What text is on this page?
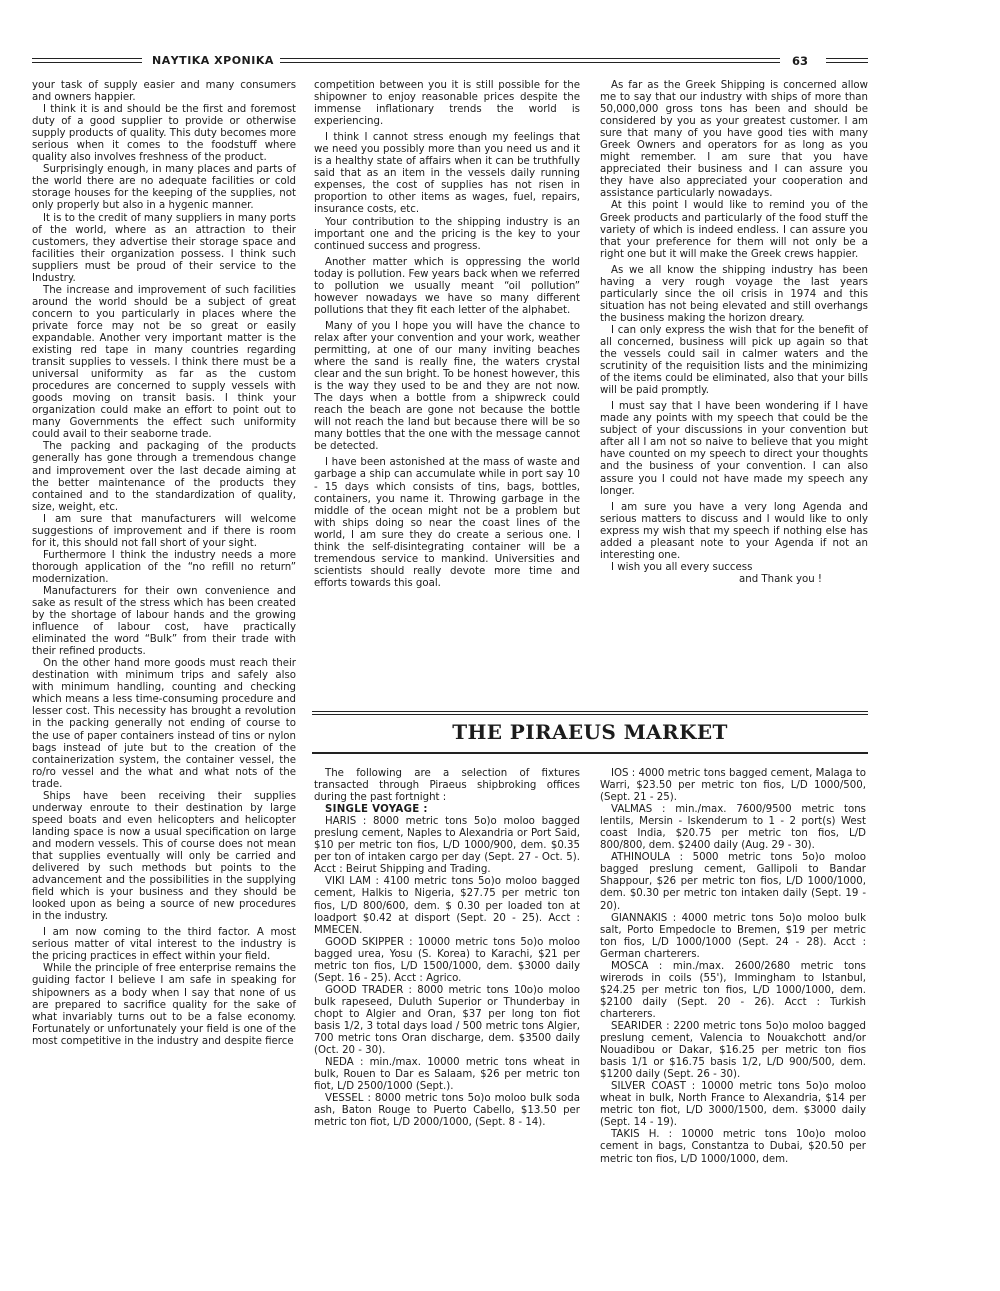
ΝΑΥΤΙΚΑ ΧΡΟΝΙΚΑ	63

your task of supply easier and many consumers and owners happier.

I think it is and should be the first and foremost duty of a good supplier to provide or otherwise supply products of quality. This duty becomes more serious when it comes to the foodstuff where quality also involves freshness of the product.

Surprisingly enough, in many places and parts of the world there are no adequate facilities or cold storage houses for the keeping of the supplies, not only properly but also in a hygenic manner.

It is to the credit of many suppliers in many ports of the world, where as an attraction to their customers, they advertise their storage space and facilities their organization possess. I think such suppliers must be proud of their service to the Industry.

The increase and improvement of such facilities around the world should be a subject of great concern to you particularly in places where the private force may not be so great or easily expandable. Another very important matter is the existing red tape in many countries regarding transit supplies to vessels. I think there must be a universal uniformity as far as the custom procedures are concerned to supply vessels with goods moving on transit basis. I think your organization could make an effort to point out to many Governments the effect such uniformity could avail to their seaborne trade.

The packing and packaging of the products generally has gone through a tremendous change and improvement over the last decade aiming at the better maintenance of the products they contained and to the standardization of quality, size, weight, etc.

I am sure that manufacturers will welcome suggestions of improvement and if there is room for it, this should not fall short of your sight.

Furthermore I think the industry needs a more thorough application of the “no refill no return” modernization.

Manufacturers for their own convenience and sake as result of the stress which has been created by the shortage of labour hands and the growing influence of labour cost, have practically eliminated the word “Bulk” from their trade with their refined products.

On the other hand more goods must reach their destination with minimum trips and safely also with minimum handling, counting and checking which means a less time-consuming procedure and lesser cost. This necessity has brought a revolution in the packing generally not ending of course to the use of paper containers instead of tins or nylon bags instead of jute but to the creation of the containerization system, the container vessel, the ro/ro vessel and the what and what nots of the trade.

Ships have been receiving their supplies underway enroute to their destination by large speed boats and even helicopters and helicopter landing space is now a usual specification on large and modern vessels. This of course does not mean that supplies eventually will only be carried and delivered by such methods but points to the advancement and the possibilities in the supplying field which is your business and they should be looked upon as being a source of new procedures in the industry.

I am now coming to the third factor. A most serious matter of vital interest to the industry is the pricing practices in effect within your field.

While the principle of free enterprise remains the guiding factor I believe I am safe in speaking for shipowners as a body when I say that none of us are prepared to sacrifice quality for the sake of what invariably turns out to be a false economy. Fortunately or unfortunately your field is one of the most competitive in the industry and despite fierce

competition between you it is still possible for the shipowner to enjoy reasonable prices despite the immense inflationary trends the world is experiencing.

I think I cannot stress enough my feelings that we need you possibly more than you need us and it is a healthy state of affairs when it can be truthfully said that as an item in the vessels daily running expenses, the cost of supplies has not risen in proportion to other items as wages, fuel, repairs, insurance costs, etc.

Your contribution to the shipping industry is an important one and the pricing is the key to your continued success and progress.

Another matter which is oppressing the world today is pollution. Few years back when we referred to pollution we usually meant “oil pollution” however nowadays we have so many different pollutions that they fit each letter of the alphabet.

Many of you I hope you will have the chance to relax after your convention and your work, weather permitting, at one of our many inviting beaches where the sand is really fine, the waters crystal clear and the sun bright. To be honest however, this is the way they used to be and they are not now. The days when a bottle from a shipwreck could reach the beach are gone not because the bottle will not reach the land but because there will be so many bottles that the one with the message cannot be detected.

I have been astonished at the mass of waste and garbage a ship can accumulate while in port say 10 - 15 days which consists of tins, bags, bottles, containers, you name it. Throwing garbage in the middle of the ocean might not be a problem but with ships doing so near the coast lines of the world, I am sure they do create a serious one. I think the self-disintegrating container will be a tremendous service to mankind. Universities and scientists should really devote more time and efforts towards this goal.

As far as the Greek Shipping is concerned allow me to say that our industry with ships of more than 50,000,000 gross tons has been and should be considered by you as your greatest customer. I am sure that many of you have good ties with many Greek Owners and operators for as long as you might remember. I am sure that you have appreciated their business and I can assure you they have also appreciated your cooperation and assistance particularly nowadays.

At this point I would like to remind you of the Greek products and particularly of the food stuff the variety of which is indeed endless. I can assure you that your preference for them will not only be a right one but it will make the Greek crews happier.

As we all know the shipping industry has been having a very rough voyage the last years particularly since the oil crisis in 1974 and this situation has not being elevated and still overhangs the business making the horizon dreary.

I can only express the wish that for the benefit of all concerned, business will pick up again so that the vessels could sail in calmer waters and the scrutinity of the requisition lists and the minimizing of the items could be eliminated, also that your bills will be paid promptly.

I must say that I have been wondering if I have made any points with my speech that could be the subject of your discussions in your convention but after all I am not so naive to believe that you might have counted on my speech to direct your thoughts and the business of your convention. I can also assure you I could not have made my speech any longer.

I am sure you have a very long Agenda and serious matters to discuss and I would like to only express my wish that my speech if nothing else has added a pleasant note to your Agenda if not an interesting one.

I wish you all every success

and Thank you !

THE PIRAEUS MARKET

The following are a selection of fixtures transacted through Piraeus shipbroking offices during the past fortnight :

SINGLE VOYAGE :

HARIS : 8000 metric tons 5o)o moloo bagged preslung cement, Naples to Alexandria or Port Said, $10 per metric ton fios, L/D 1000/900, dem. $0.35 per ton of intaken cargo per day (Sept. 27 - Oct. 5). Acct : Beirut Shipping and Trading.

VIKI LAM : 4100 metric tons 5o)o moloo bagged cement, Halkis to Nigeria, $27.75 per metric ton fios, L/D 800/600, dem. $ 0.30 per loaded ton at loadport $0.42 at disport (Sept. 20 - 25). Acct : MMECEN.

GOOD SKIPPER : 10000 metric tons 5o)o moloo bagged urea, Yosu (S. Korea) to Karachi, $21 per metric ton fios, L/D 1500/1000, dem. $3000 daily (Sept. 16 - 25). Acct : Agrico.

GOOD TRADER : 8000 metric tons 10o)o moloo bulk rapeseed, Duluth Superior or Thunderbay in chopt to Algier and Oran, $37 per long ton fiot basis 1/2, 3 total days load / 500 metric tons Algier, 700 metric tons Oran discharge, dem. $3500 daily (Oct. 20 - 30).

NEDA : min./max. 10000 metric tons wheat in bulk, Rouen to Dar es Salaam, $26 per metric ton fiot, L/D 2500/1000 (Sept.).

VESSEL : 8000 metric tons 5o)o moloo bulk soda ash, Baton Rouge to Puerto Cabello, $13.50 per metric ton fiot, L/D 2000/1000, (Sept. 8 - 14).

IOS : 4000 metric tons bagged cement, Malaga to Warri, $23.50 per metric ton fios, L/D 1000/500, (Sept. 21 - 25).

VALMAS : min./max. 7600/9500 metric tons lentils, Mersin - Iskenderum to 1 - 2 port(s) West coast India, $20.75 per metric ton fios, L/D 800/800, dem. $2400 daily (Aug. 29 - 30).

ATHINOULA : 5000 metric tons 5o)o moloo bagged preslung cement, Gallipoli to Bandar Shappour, $26 per metric ton fios, L/D 1000/1000, dem. $0.30 per metric ton intaken daily (Sept. 19 - 20).

GIANNAKIS : 4000 metric tons 5o)o moloo bulk salt, Porto Empedocle to Bremen, $19 per metric ton fios, L/D 1000/1000 (Sept. 24 - 28). Acct : German charterers.

MOSCA : min./max. 2600/2680 metric tons wirerods in coils (55'), Immingham to Istanbul, $24.25 per metric ton fios, L/D 1000/1000, dem. $2100 daily (Sept. 20 - 26). Acct : Turkish charterers.

SEARIDER : 2200 metric tons 5o)o moloo bagged preslung cement, Valencia to Nouakchott and/or Nouadibou or Dakar, $16.25 per metric ton fios basis 1/1 or $16.75 basis 1/2, L/D 900/500, dem. $1200 daily (Sept. 26 - 30).

SILVER COAST : 10000 metric tons 5o)o moloo wheat in bulk, North France to Alexandria, $14 per metric ton fiot, L/D 3000/1500, dem. $3000 daily (Sept. 14 - 19).

TAKIS H. : 10000 metric tons 10o)o moloo cement in bags, Constantza to Dubai, $20.50 per metric ton fios, L/D 1000/1000, dem.
